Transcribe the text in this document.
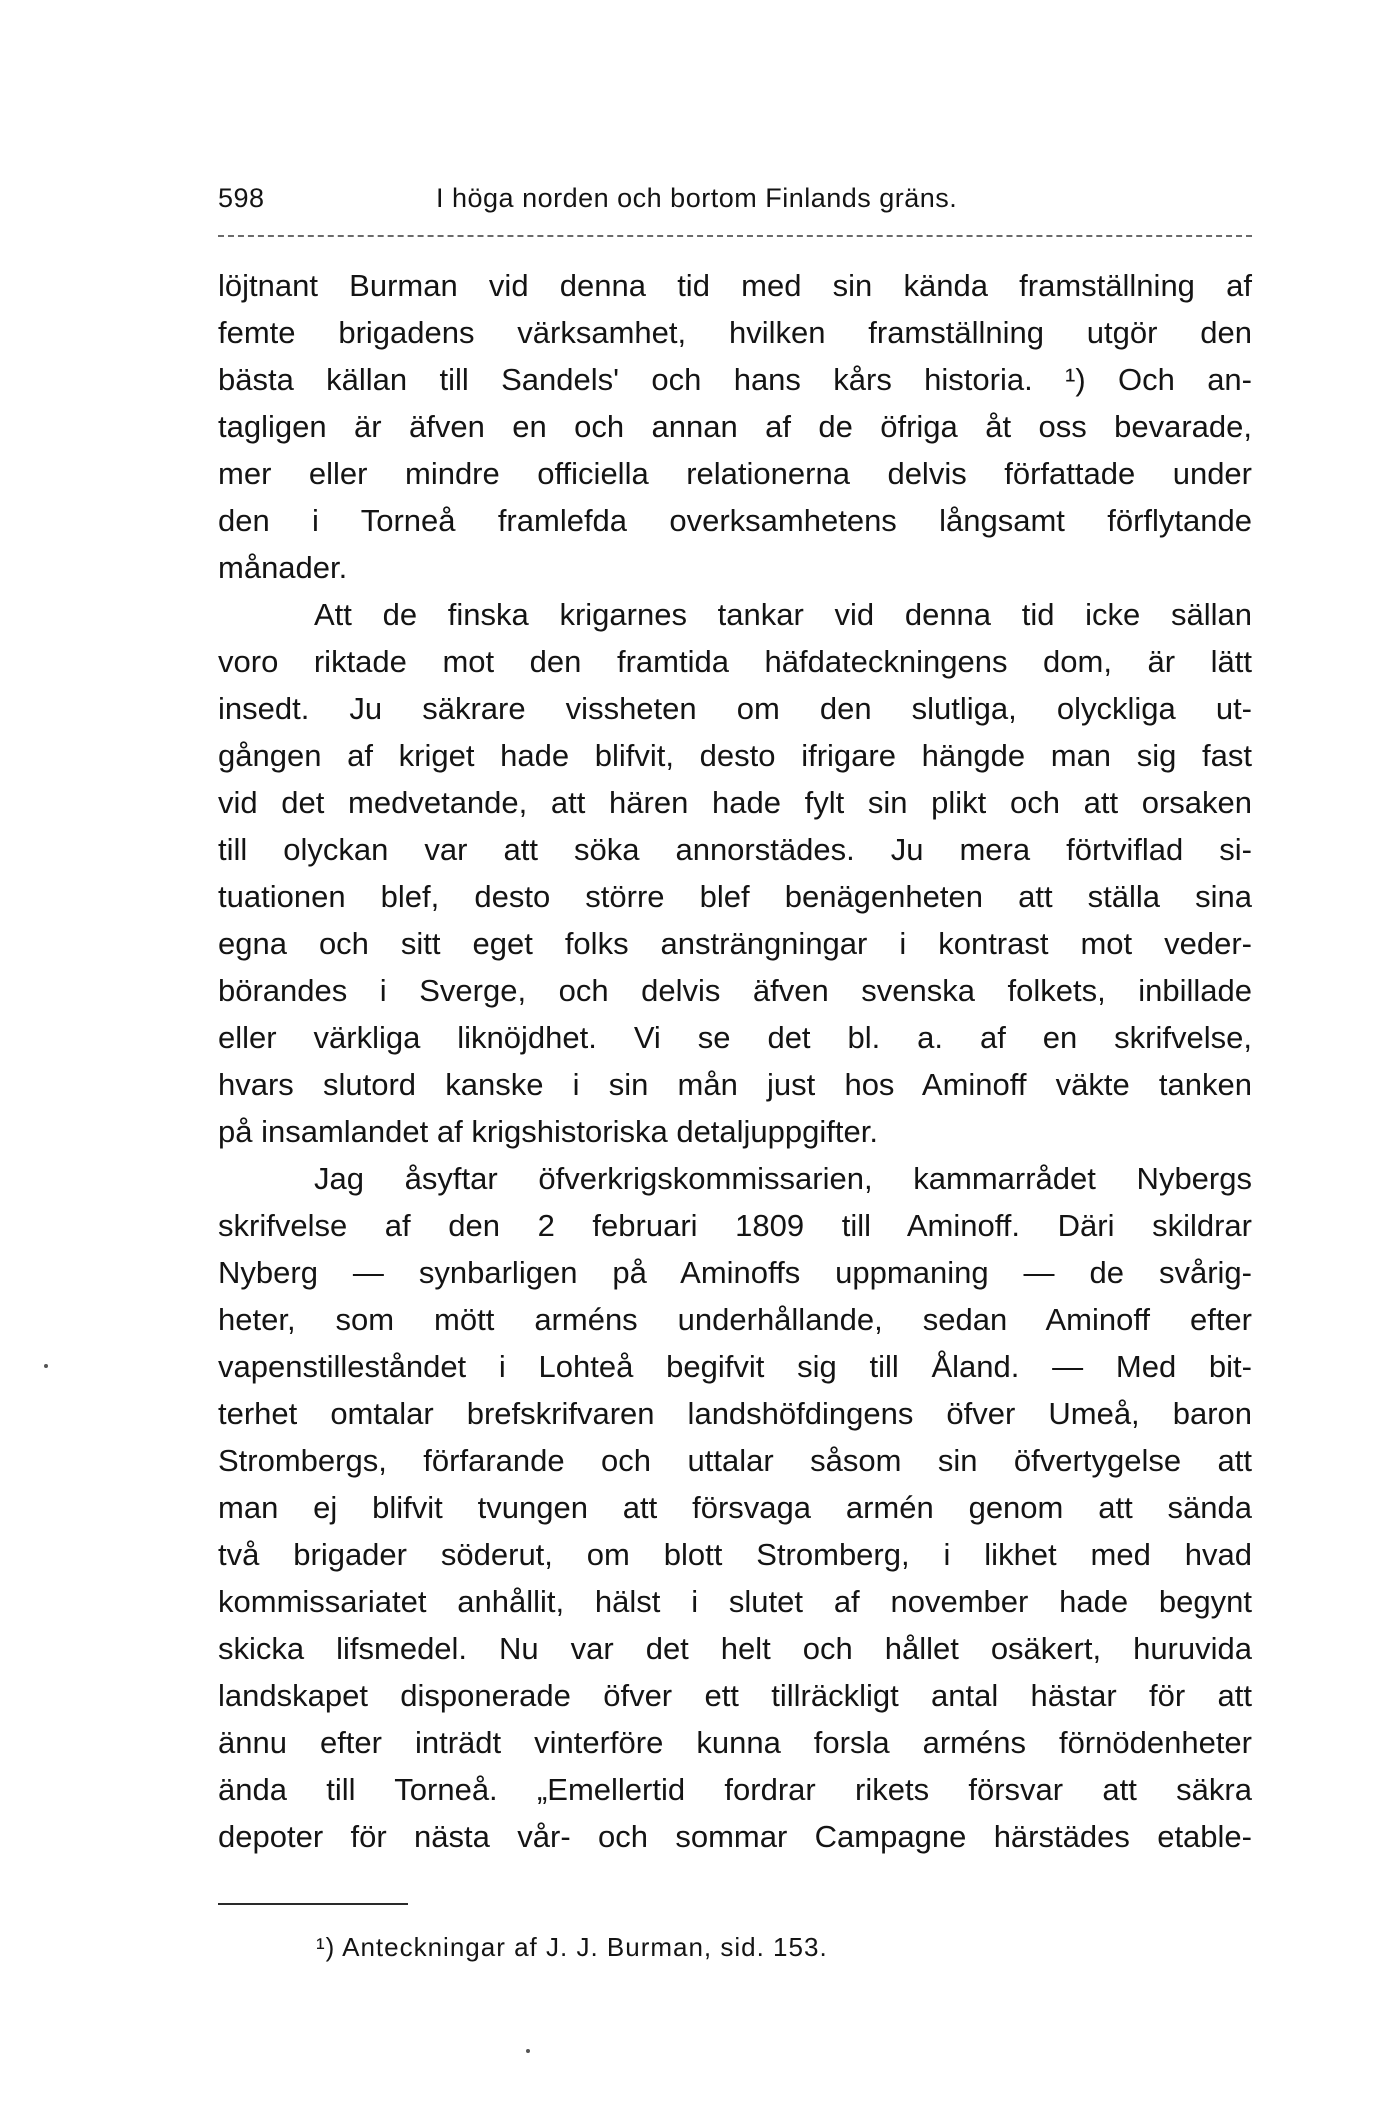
598	I höga norden och bortom Finlands gräns.
löjtnant Burman vid denna tid med sin kända framställning af
femte brigadens värksamhet, hvilken framställning utgör den
bästa källan till Sandels' och hans kårs historia. ¹) Och an-
tagligen är äfven en och annan af de öfriga åt oss bevarade,
mer eller mindre officiella relationerna delvis författade under
den i Torneå framlefda overksamhetens långsamt förflytande
månader.
Att de finska krigarnes tankar vid denna tid icke sällan
voro riktade mot den framtida häfdateckningens dom, är lätt
insedt. Ju säkrare vissheten om den slutliga, olyckliga ut-
gången af kriget hade blifvit, desto ifrigare hängde man sig fast
vid det medvetande, att hären hade fylt sin plikt och att orsaken
till olyckan var att söka annorstädes. Ju mera förtviflad si-
tuationen blef, desto större blef benägenheten att ställa sina
egna och sitt eget folks ansträngningar i kontrast mot veder-
börandes i Sverge, och delvis äfven svenska folkets, inbillade
eller värkliga liknöjdhet. Vi se det bl. a. af en skrifvelse,
hvars slutord kanske i sin mån just hos Aminoff väkte tanken
på insamlandet af krigshistoriska detaljuppgifter.
Jag åsyftar öfverkrigskommissarien, kammarrådet Nybergs
skrifvelse af den 2 februari 1809 till Aminoff. Däri skildrar
Nyberg — synbarligen på Aminoffs uppmaning — de svårig-
heter, som mött arméns underhållande, sedan Aminoff efter
vapenstilleståndet i Lohteå begifvit sig till Åland. — Med bit-
terhet omtalar brefskrifvaren landshöfdingens öfver Umeå, baron
Strombergs, förfarande och uttalar såsom sin öfvertygelse att
man ej blifvit tvungen att försvaga armén genom att sända
två brigader söderut, om blott Stromberg, i likhet med hvad
kommissariatet anhållit, hälst i slutet af november hade begynt
skicka lifsmedel. Nu var det helt och hållet osäkert, huruvida
landskapet disponerade öfver ett tillräckligt antal hästar för att
ännu efter inträdt vinterföre kunna forsla arméns förnödenheter
ända till Torneå. „Emellertid fordrar rikets försvar att säkra
depoter för nästa vår- och sommar Campagne härstädes etable-
¹) Anteckningar af J. J. Burman, sid. 153.
